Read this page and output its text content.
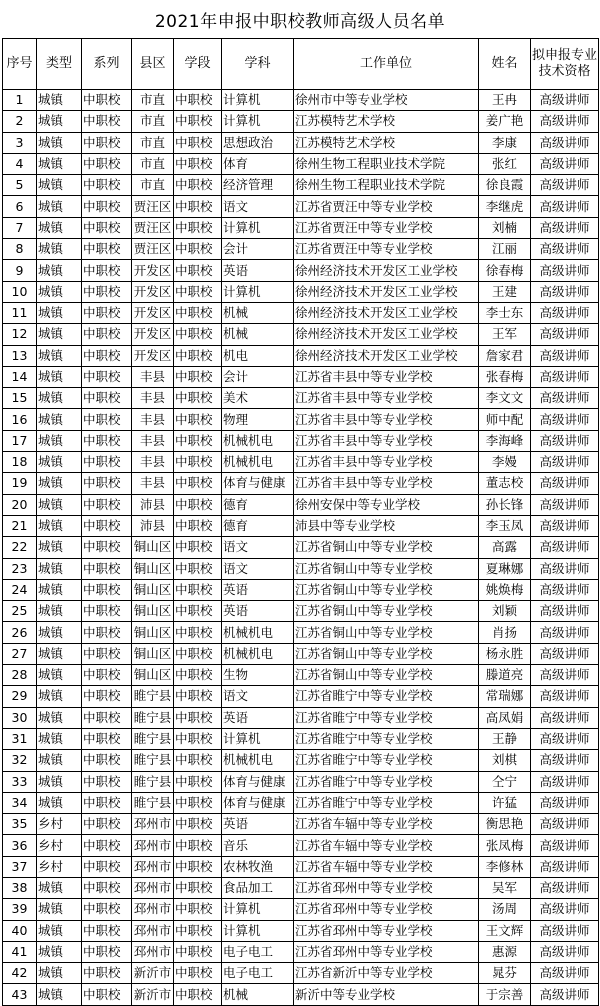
2021年申报中职校教师高级人员名单
序号	类型	系列	县区	学段	学科	工作单位	姓名	拟申报专业技术资格
1	城镇	中职校	市直	中职校	计算机	徐州市中等专业学校	王冉	高级讲师
2	城镇	中职校	市直	中职校	计算机	江苏模特艺术学校	姜广艳	高级讲师
3	城镇	中职校	市直	中职校	思想政治	江苏模特艺术学校	李康	高级讲师
4	城镇	中职校	市直	中职校	体育	徐州生物工程职业技术学院	张红	高级讲师
5	城镇	中职校	市直	中职校	经济管理	徐州生物工程职业技术学院	徐良霞	高级讲师
6	城镇	中职校	贾汪区	中职校	语文	江苏省贾汪中等专业学校	李继虎	高级讲师
7	城镇	中职校	贾汪区	中职校	计算机	江苏省贾汪中等专业学校	刘楠	高级讲师
8	城镇	中职校	贾汪区	中职校	会计	江苏省贾汪中等专业学校	江丽	高级讲师
9	城镇	中职校	开发区	中职校	英语	徐州经济技术开发区工业学校	徐春梅	高级讲师
10	城镇	中职校	开发区	中职校	计算机	徐州经济技术开发区工业学校	王建	高级讲师
11	城镇	中职校	开发区	中职校	机械	徐州经济技术开发区工业学校	李士东	高级讲师
12	城镇	中职校	开发区	中职校	机械	徐州经济技术开发区工业学校	王军	高级讲师
13	城镇	中职校	开发区	中职校	机电	徐州经济技术开发区工业学校	詹家君	高级讲师
14	城镇	中职校	丰县	中职校	会计	江苏省丰县中等专业学校	张春梅	高级讲师
15	城镇	中职校	丰县	中职校	美术	江苏省丰县中等专业学校	李文文	高级讲师
16	城镇	中职校	丰县	中职校	物理	江苏省丰县中等专业学校	师中配	高级讲师
17	城镇	中职校	丰县	中职校	机械机电	江苏省丰县中等专业学校	李海峰	高级讲师
18	城镇	中职校	丰县	中职校	机械机电	江苏省丰县中等专业学校	李嫚	高级讲师
19	城镇	中职校	丰县	中职校	体育与健康	江苏省丰县中等专业学校	董志校	高级讲师
20	城镇	中职校	沛县	中职校	德育	徐州安保中等专业学校	孙长锋	高级讲师
21	城镇	中职校	沛县	中职校	德育	沛县中等专业学校	李玉凤	高级讲师
22	城镇	中职校	铜山区	中职校	语文	江苏省铜山中等专业学校	高露	高级讲师
23	城镇	中职校	铜山区	中职校	语文	江苏省铜山中等专业学校	夏琳娜	高级讲师
24	城镇	中职校	铜山区	中职校	英语	江苏省铜山中等专业学校	姚焕梅	高级讲师
25	城镇	中职校	铜山区	中职校	英语	江苏省铜山中等专业学校	刘颖	高级讲师
26	城镇	中职校	铜山区	中职校	机械机电	江苏省铜山中等专业学校	肖扬	高级讲师
27	城镇	中职校	铜山区	中职校	机械机电	江苏省铜山中等专业学校	杨永胜	高级讲师
28	城镇	中职校	铜山区	中职校	生物	江苏省铜山中等专业学校	滕道亮	高级讲师
29	城镇	中职校	睢宁县	中职校	语文	江苏省睢宁中等专业学校	常瑞娜	高级讲师
30	城镇	中职校	睢宁县	中职校	英语	江苏省睢宁中等专业学校	高凤娟	高级讲师
31	城镇	中职校	睢宁县	中职校	计算机	江苏省睢宁中等专业学校	王静	高级讲师
32	城镇	中职校	睢宁县	中职校	机械机电	江苏省睢宁中等专业学校	刘棋	高级讲师
33	城镇	中职校	睢宁县	中职校	体育与健康	江苏省睢宁中等专业学校	仝宁	高级讲师
34	城镇	中职校	睢宁县	中职校	体育与健康	江苏省睢宁中等专业学校	许猛	高级讲师
35	乡村	中职校	邳州市	中职校	英语	江苏省车辐中等专业学校	衡思艳	高级讲师
36	乡村	中职校	邳州市	中职校	音乐	江苏省车辐中等专业学校	张凤梅	高级讲师
37	乡村	中职校	邳州市	中职校	农林牧渔	江苏省车辐中等专业学校	李修林	高级讲师
38	城镇	中职校	邳州市	中职校	食品加工	江苏省邳州中等专业学校	吴军	高级讲师
39	城镇	中职校	邳州市	中职校	计算机	江苏省邳州中等专业学校	汤周	高级讲师
40	城镇	中职校	邳州市	中职校	计算机	江苏省邳州中等专业学校	王文辉	高级讲师
41	城镇	中职校	邳州市	中职校	电子电工	江苏省邳州中等专业学校	惠源	高级讲师
42	城镇	中职校	新沂市	中职校	电子电工	江苏省新沂中等专业学校	晁芬	高级讲师
43	城镇	中职校	新沂市	中职校	机械	新沂中等专业学校	于宗善	高级讲师
